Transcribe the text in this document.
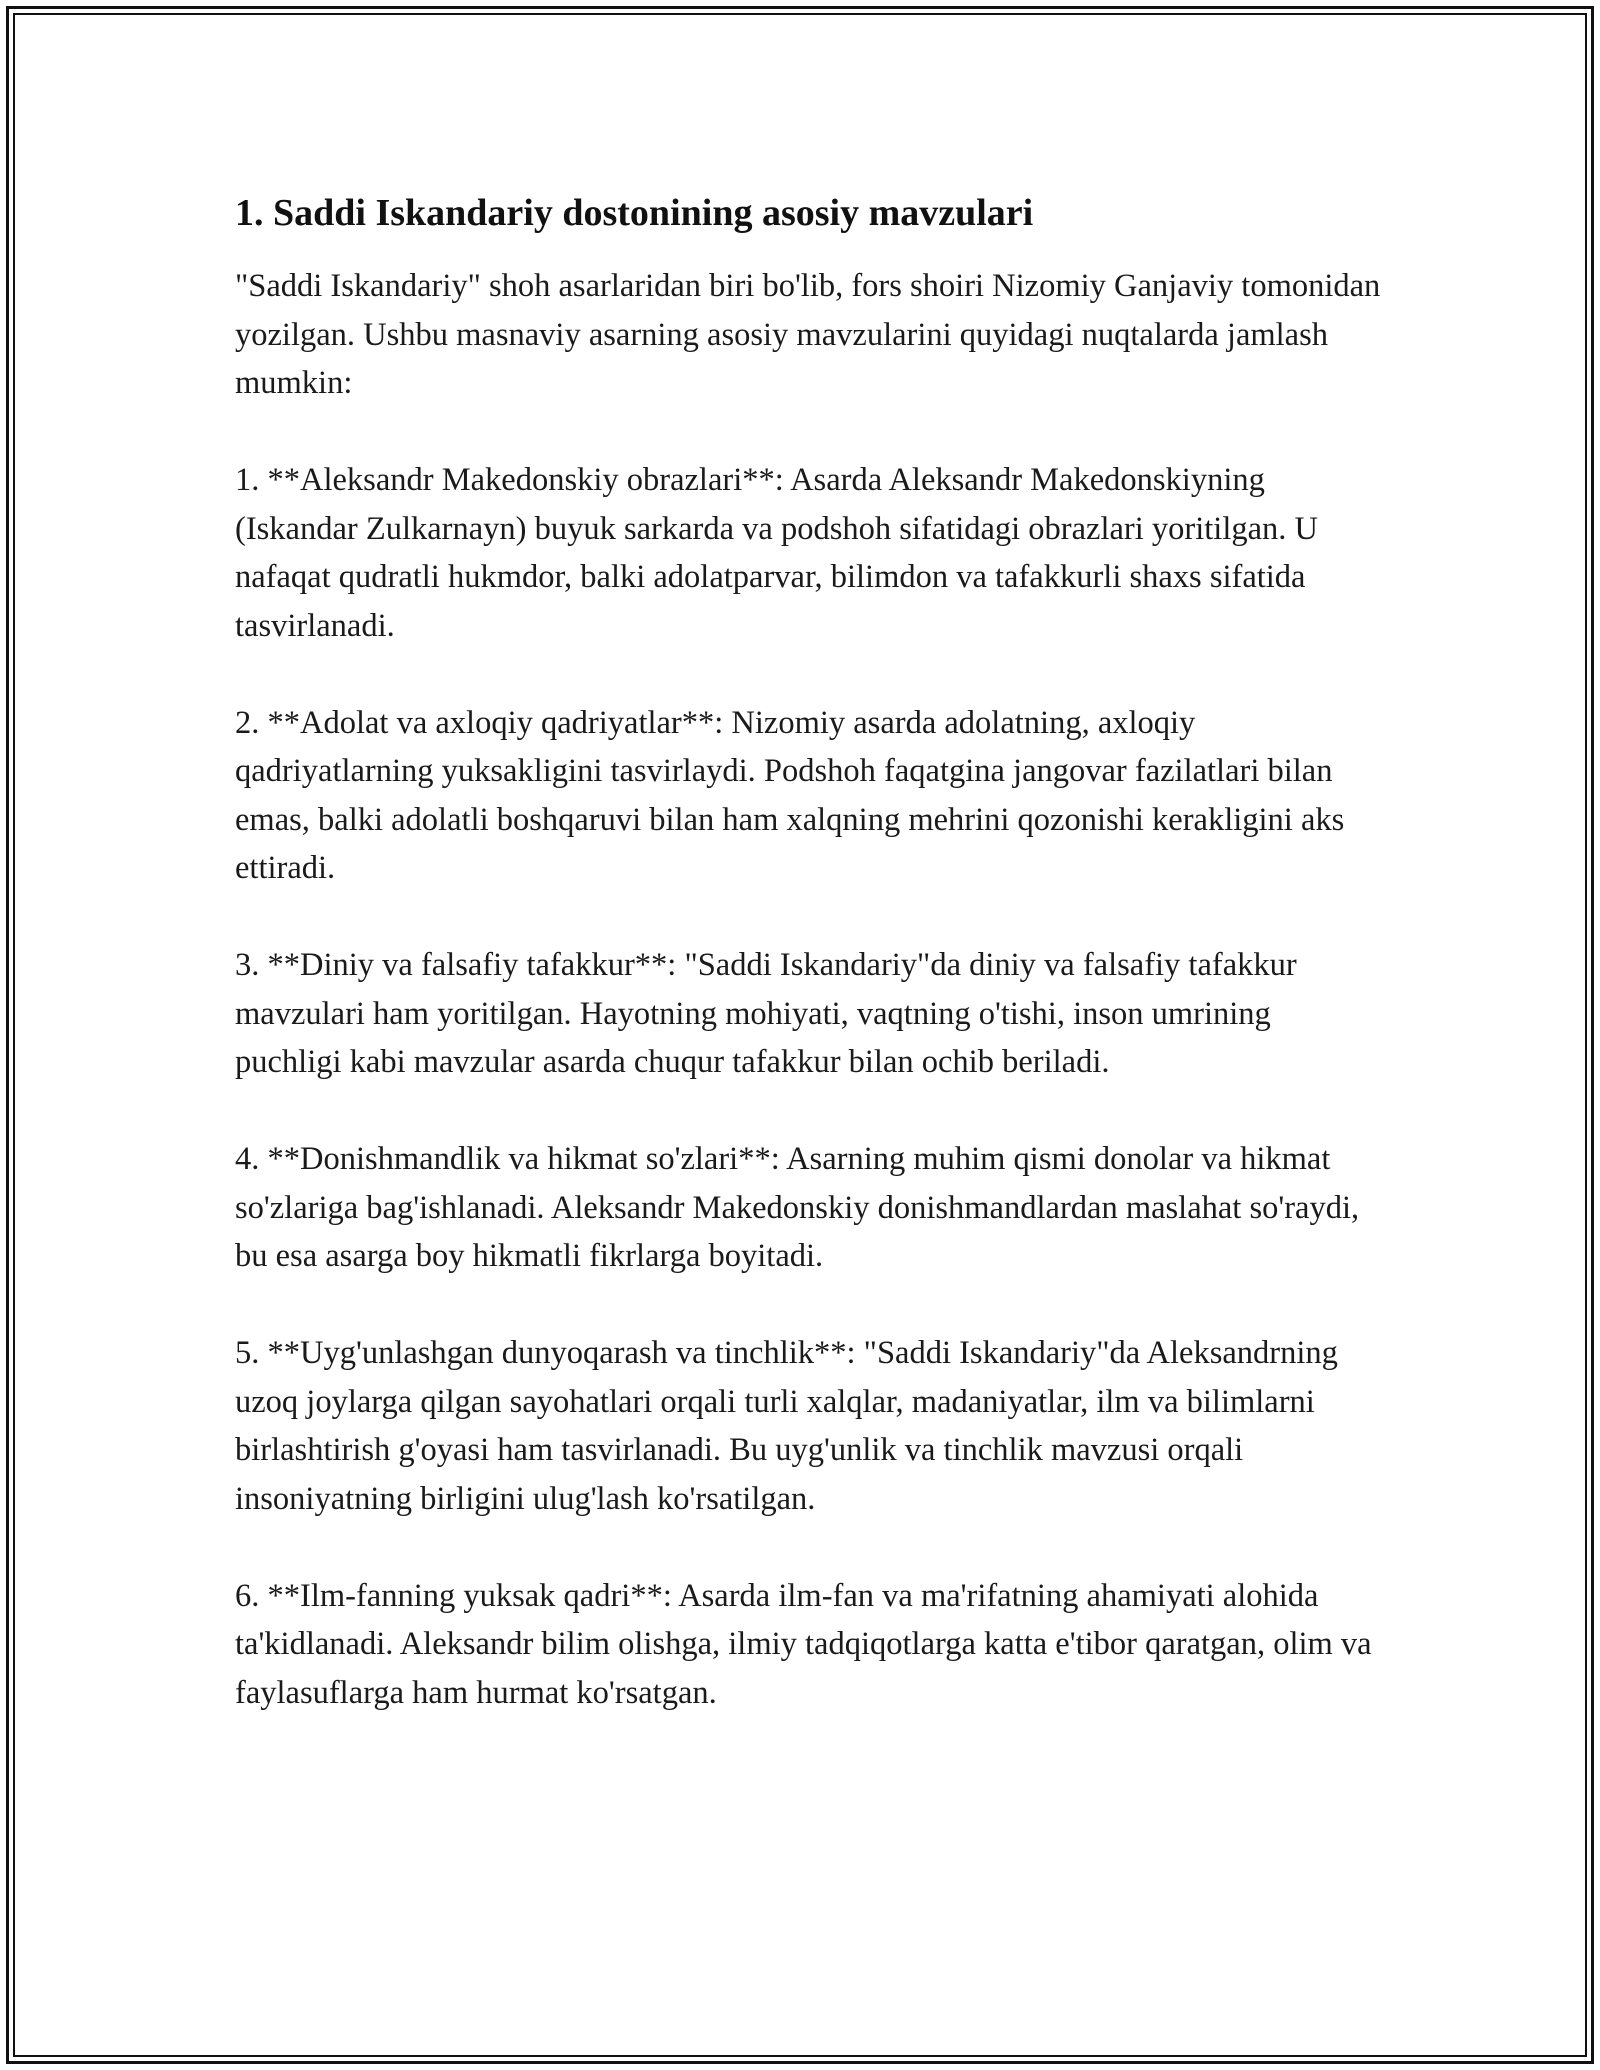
1. Saddi Iskandariy dostonining asosiy mavzulari

"Saddi Iskandariy" shoh asarlaridan biri bo'lib, fors shoiri Nizomiy Ganjaviy tomonidan yozilgan. Ushbu masnaviy asarning asosiy mavzularini quyidagi nuqtalarda jamlash mumkin:

1. **Aleksandr Makedonskiy obrazlari**: Asarda Aleksandr Makedonskiyning (Iskandar Zulkarnayn) buyuk sarkarda va podshoh sifatidagi obrazlari yoritilgan. U nafaqat qudratli hukmdor, balki adolatparvar, bilimdon va tafakkurli shaxs sifatida tasvirlanadi.

2. **Adolat va axloqiy qadriyatlar**: Nizomiy asarda adolatning, axloqiy qadriyatlarning yuksakligini tasvirlaydi. Podshoh faqatgina jangovar fazilatlari bilan emas, balki adolatli boshqaruvi bilan ham xalqning mehrini qozonishi kerakligini aks ettiradi.

3. **Diniy va falsafiy tafakkur**: "Saddi Iskandariy"da diniy va falsafiy tafakkur mavzulari ham yoritilgan. Hayotning mohiyati, vaqtning o'tishi, inson umrining puchligi kabi mavzular asarda chuqur tafakkur bilan ochib beriladi.

4. **Donishmandlik va hikmat so'zlari**: Asarning muhim qismi donolar va hikmat so'zlariga bag'ishlanadi. Aleksandr Makedonskiy donishmandlardan maslahat so'raydi, bu esa asarga boy hikmatli fikrlarga boyitadi.

5. **Uyg'unlashgan dunyoqarash va tinchlik**: "Saddi Iskandariy"da Aleksandrning uzoq joylarga qilgan sayohatlari orqali turli xalqlar, madaniyatlar, ilm va bilimlarni birlashtirish g'oyasi ham tasvirlanadi. Bu uyg'unlik va tinchlik mavzusi orqali insoniyatning birligini ulug'lash ko'rsatilgan.

6. **Ilm-fanning yuksak qadri**: Asarda ilm-fan va ma'rifatning ahamiyati alohida ta'kidlanadi. Aleksandr bilim olishga, ilmiy tadqiqotlarga katta e'tibor qaratgan, olim va faylasuflarga ham hurmat ko'rsatgan.
